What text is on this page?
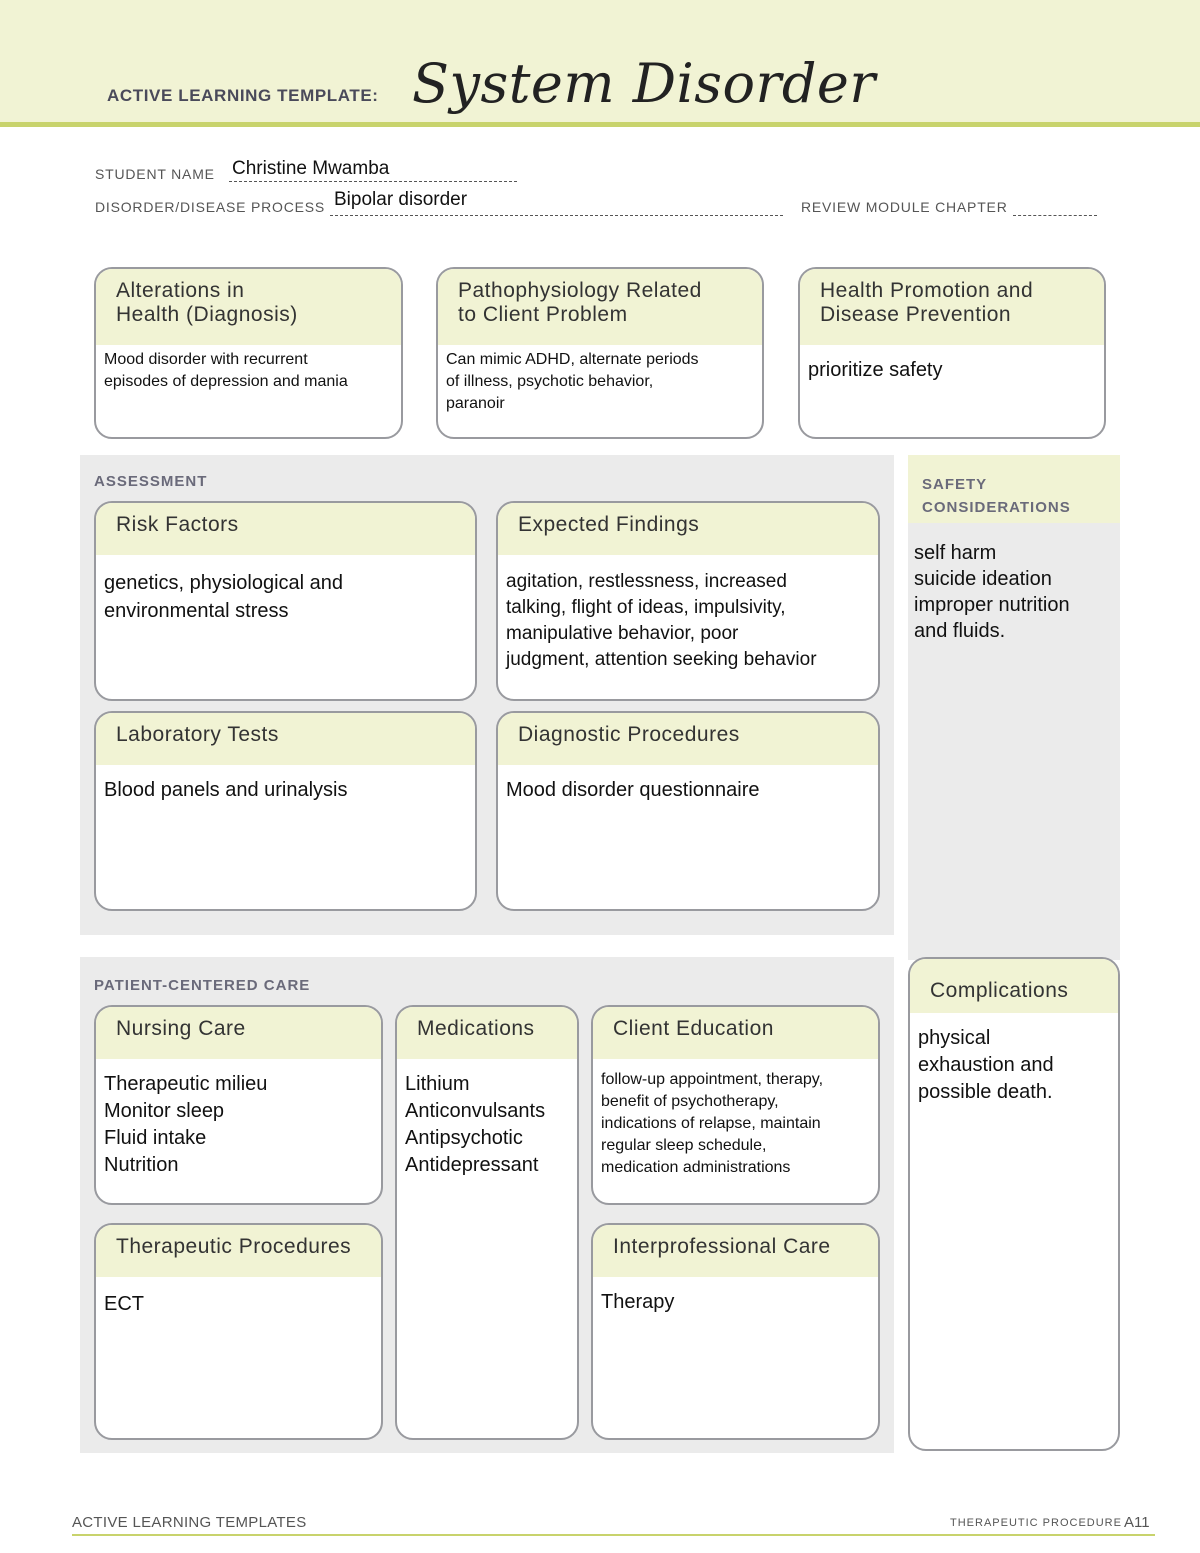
ACTIVE LEARNING TEMPLATE: System Disorder
STUDENT NAME Christine Mwamba
DISORDER/DISEASE PROCESS Bipolar disorder	REVIEW MODULE CHAPTER
Alterations in
Health (Diagnosis)
Mood disorder with recurrent
episodes of depression and mania
Pathophysiology Related
to Client Problem
Can mimic ADHD, alternate periods
of illness, psychotic behavior,
paranoir
Health Promotion and
Disease Prevention
prioritize safety
ASSESSMENT
Risk Factors
genetics, physiological and
environmental stress
Expected Findings
agitation, restlessness, increased
talking, flight of ideas, impulsivity,
manipulative behavior, poor
judgment, attention seeking behavior
Laboratory Tests
Blood panels and urinalysis
Diagnostic Procedures
Mood disorder questionnaire
SAFETY
CONSIDERATIONS
self harm
suicide ideation
improper nutrition
and fluids.
PATIENT-CENTERED CARE
Nursing Care
Therapeutic milieu
Monitor sleep
Fluid intake
Nutrition
Medications
Lithium
Anticonvulsants
Antipsychotic
Antidepressant
Client Education
follow-up appointment, therapy,
benefit of psychotherapy,
indications of relapse, maintain
regular sleep schedule,
medication administrations
Therapeutic Procedures
ECT
Interprofessional Care
Therapy
Complications
physical
exhaustion and
possible death.
ACTIVE LEARNING TEMPLATES	THERAPEUTIC PROCEDURE A11
